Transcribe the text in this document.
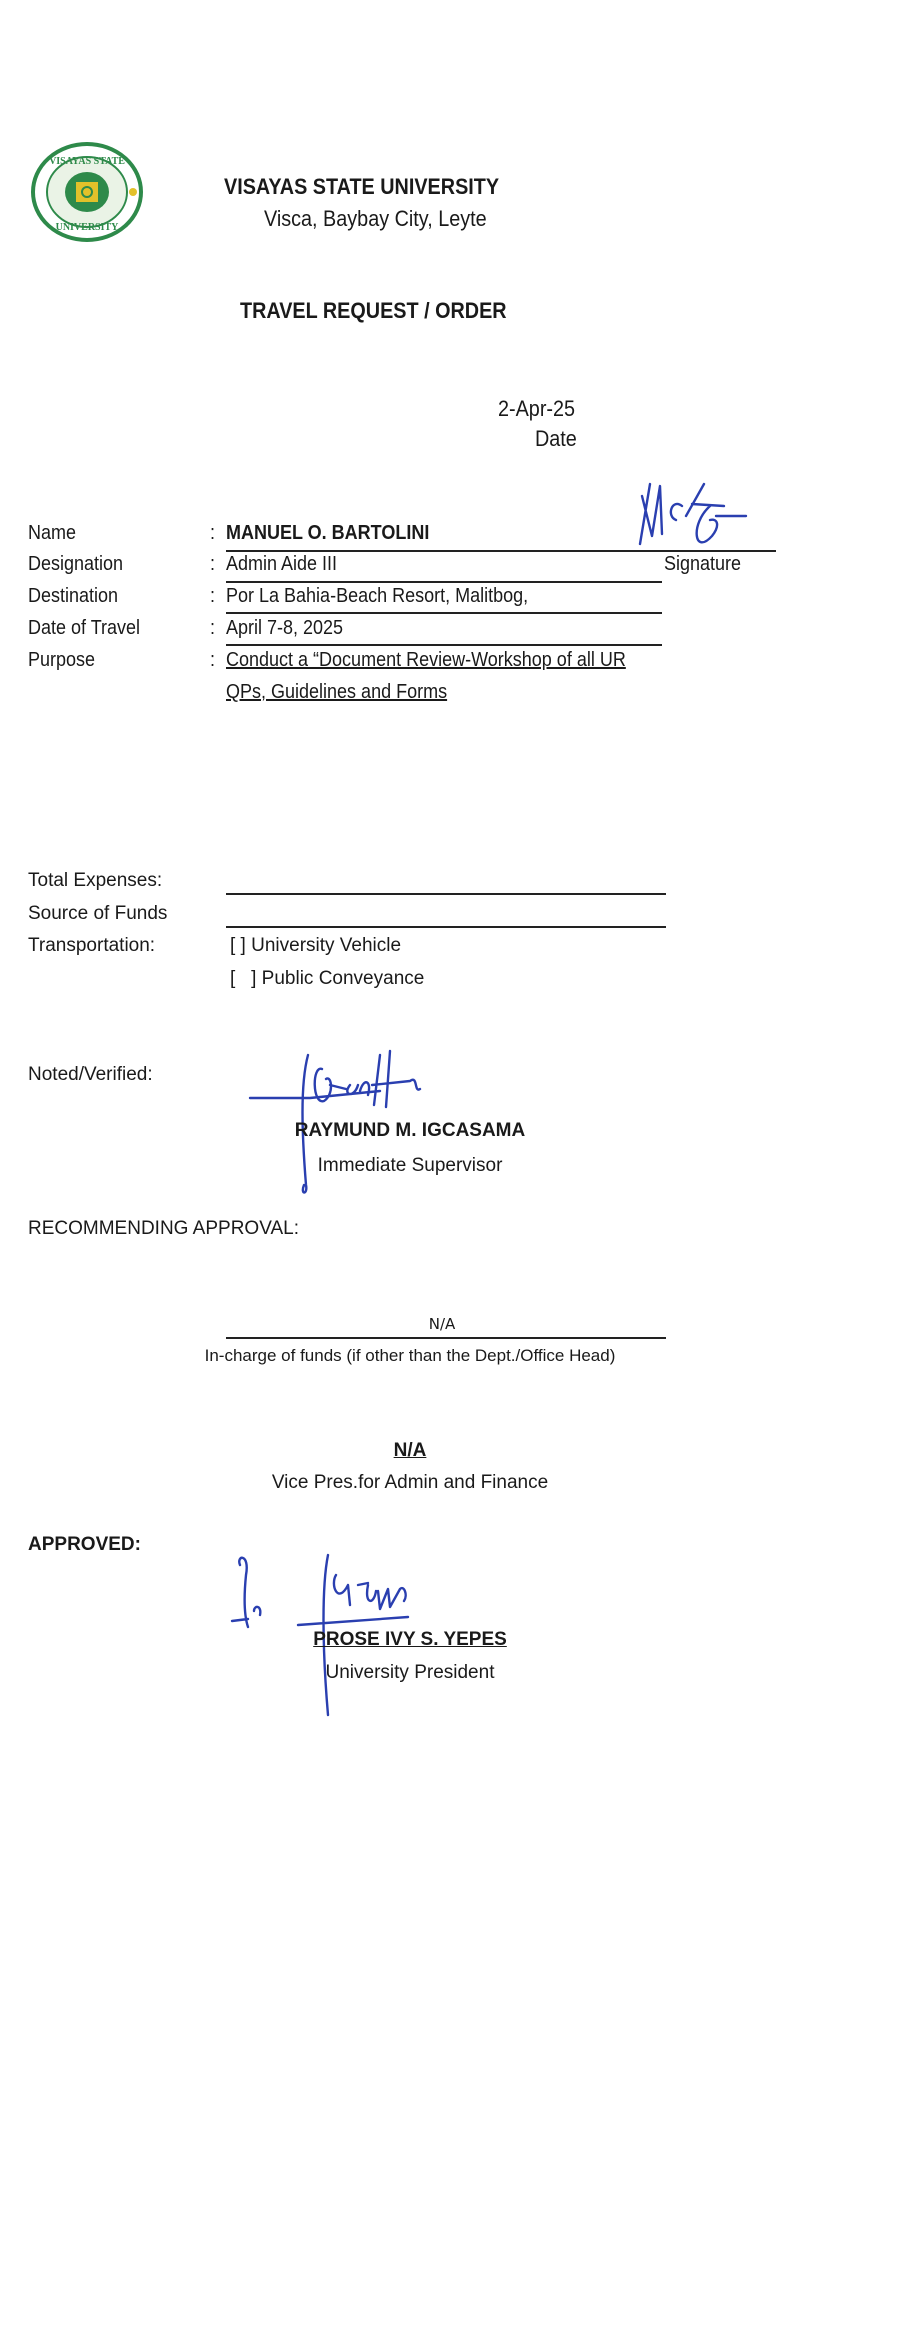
VISAYAS STATE
UNIVERSITY
VISAYAS STATE UNIVERSITY
Visca, Baybay City, Leyte
TRAVEL REQUEST / ORDER
2-Apr-25
Date
Name	: MANUEL O. BARTOLINI
Designation	: Admin Aide III	Signature
Destination	: Por La Bahia-Beach Resort, Malitbog,
Date of Travel	: April 7-8, 2025
Purpose	: Conduct a “Document Review-Workshop of all UR
QPs, Guidelines and Forms
Total Expenses:
Source of Funds
Transportation:	[ ] University Vehicle
[   ] Public Conveyance
Noted/Verified:
RAYMUND M. IGCASAMA
Immediate Supervisor
RECOMMENDING APPROVAL:
N/A
In-charge of funds (if other than the Dept./Office Head)
N/A
Vice Pres.for Admin and Finance
APPROVED:
PROSE IVY S. YEPES
University President
